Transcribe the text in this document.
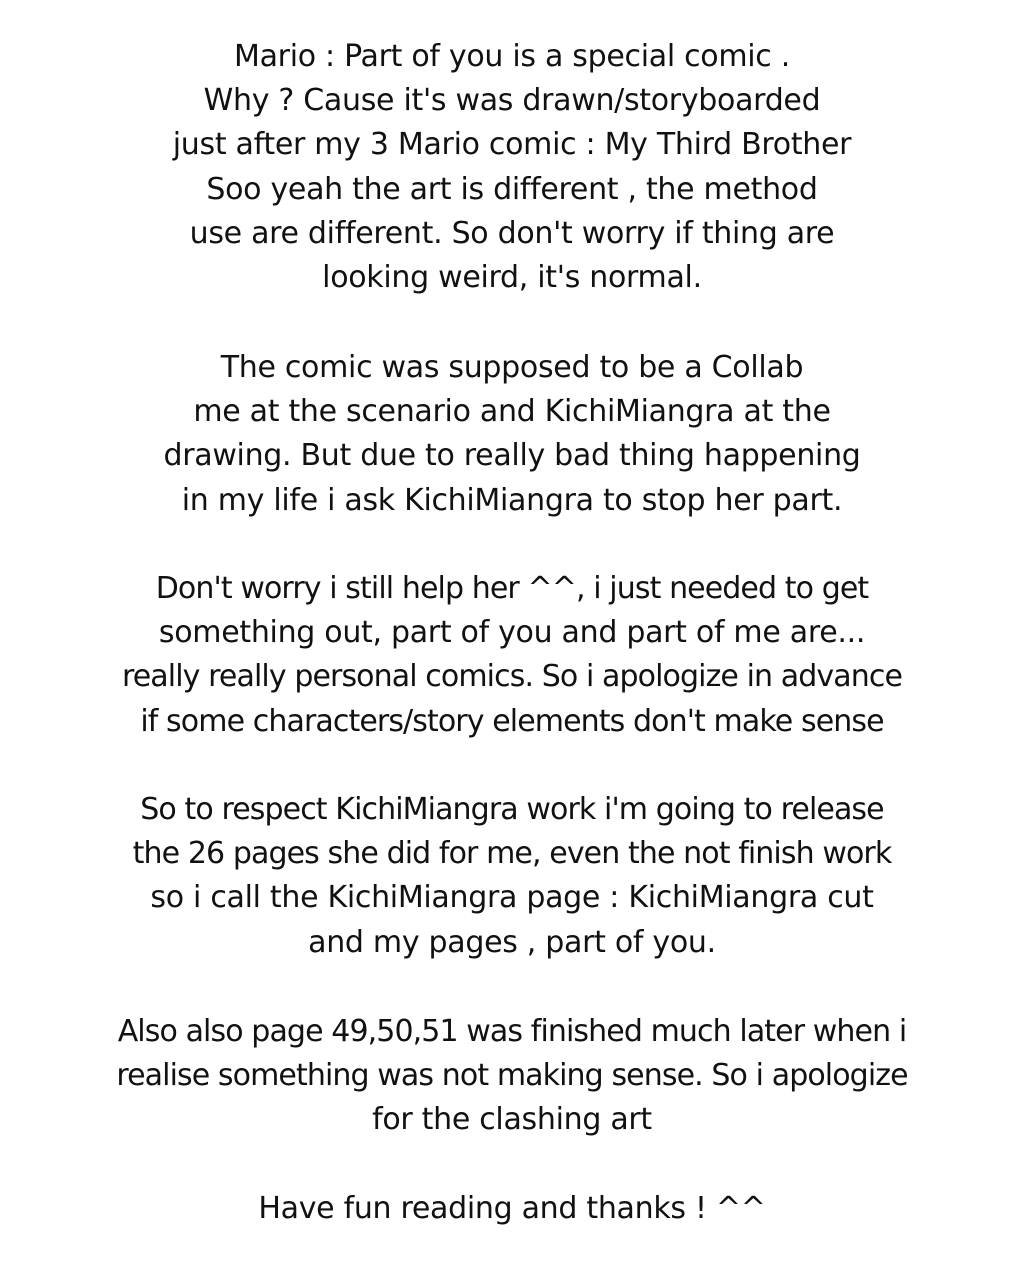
Mario : Part of you is a special comic .
Why ? Cause it's was drawn/storyboarded
just after my 3 Mario comic : My Third Brother
Soo yeah the art is different , the method
use are different. So don't worry if thing are
looking weird, it's normal.
The comic was supposed to be a Collab
me at the scenario and KichiMiangra at the
drawing. But due to really bad thing happening
in my life i ask KichiMiangra to stop her part.
Don't worry i still help her ^^, i just needed to get
something out, part of you and part of me are...
really really personal comics. So i apologize in advance
if some characters/story elements don't make sense
So to respect KichiMiangra work i'm going to release
the 26 pages she did for me, even the not finish work
so i call the KichiMiangra page : KichiMiangra cut
and my pages , part of you.
Also also page 49,50,51 was finished much later when i
realise something was not making sense. So i apologize
for the clashing art
Have fun reading and thanks ! ^^
